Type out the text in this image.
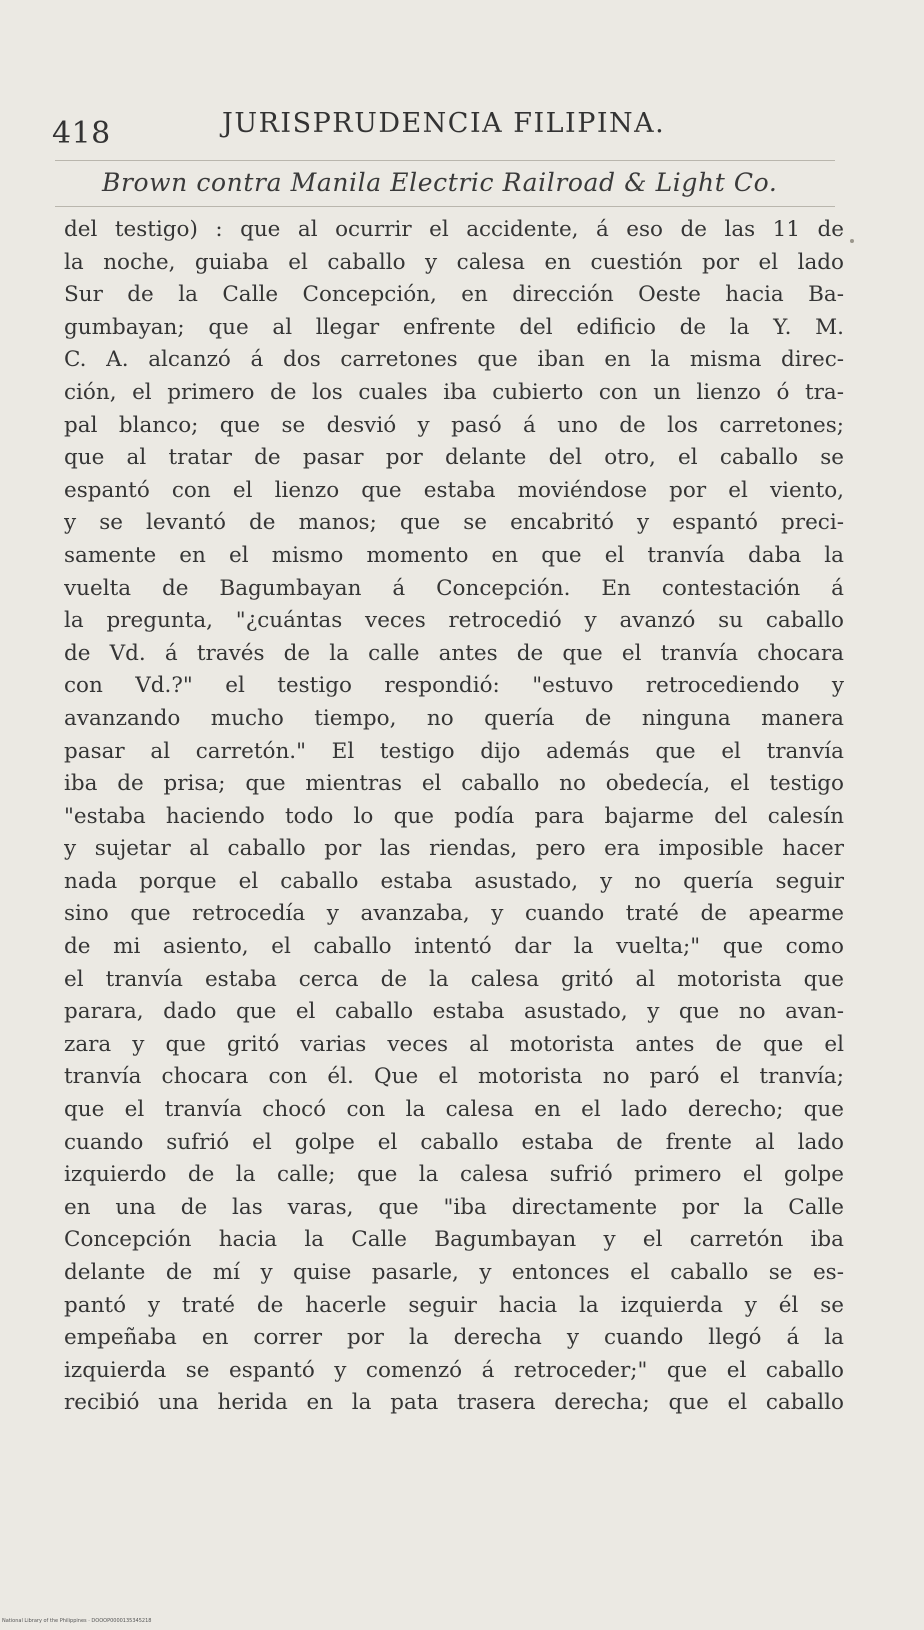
418	JURISPRUDENCIA FILIPINA.
Brown contra Manila Electric Railroad & Light Co.
del testigo) : que al ocurrir el accidente, á eso de las 11 de
la noche, guiaba el caballo y calesa en cuestión por el lado
Sur de la Calle Concepción, en dirección Oeste hacia Ba-
gumbayan; que al llegar enfrente del edificio de la Y. M.
C. A. alcanzó á dos carretones que iban en la misma direc-
ción, el primero de los cuales iba cubierto con un lienzo ó tra-
pal blanco; que se desvió y pasó á uno de los carretones;
que al tratar de pasar por delante del otro, el caballo se
espantó con el lienzo que estaba moviéndose por el viento,
y se levantó de manos; que se encabritó y espantó preci-
samente en el mismo momento en que el tranvía daba la
vuelta de Bagumbayan á Concepción. En contestación á
la pregunta, "¿cuántas veces retrocedió y avanzó su caballo
de Vd. á través de la calle antes de que el tranvía chocara
con Vd.?" el testigo respondió: "estuvo retrocediendo y
avanzando mucho tiempo, no quería de ninguna manera
pasar al carretón." El testigo dijo además que el tranvía
iba de prisa; que mientras el caballo no obedecía, el testigo
"estaba haciendo todo lo que podía para bajarme del calesín
y sujetar al caballo por las riendas, pero era imposible hacer
nada porque el caballo estaba asustado, y no quería seguir
sino que retrocedía y avanzaba, y cuando traté de apearme
de mi asiento, el caballo intentó dar la vuelta;" que como
el tranvía estaba cerca de la calesa gritó al motorista que
parara, dado que el caballo estaba asustado, y que no avan-
zara y que gritó varias veces al motorista antes de que el
tranvía chocara con él. Que el motorista no paró el tranvía;
que el tranvía chocó con la calesa en el lado derecho; que
cuando sufrió el golpe el caballo estaba de frente al lado
izquierdo de la calle; que la calesa sufrió primero el golpe
en una de las varas, que "iba directamente por la Calle
Concepción hacia la Calle Bagumbayan y el carretón iba
delante de mí y quise pasarle, y entonces el caballo se es-
pantó y traté de hacerle seguir hacia la izquierda y él se
empeñaba en correr por la derecha y cuando llegó á la
izquierda se espantó y comenzó á retroceder;" que el caballo
recibió una herida en la pata trasera derecha; que el caballo
National Library of the Philippines · DOOOP0000135345218
